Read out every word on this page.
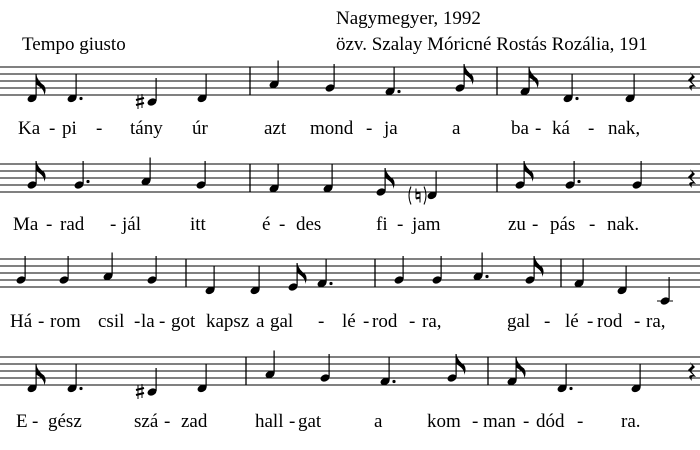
Tempo giusto
Nagymegyer, 1992
özv. Szalay Móricné Rostás Rozália, 191
Ka - pi - tány úr	azt mond - ja	a	ba - ká - nak,
Ma - rad - jál	itt	é - des	fi - jam	zu - pás - nak.
Há - rom csil - la - got kapsz a gal - lé - rod - ra,	gal - lé - rod - ra,
E - gész	szá - zad	hall - gat	a kom - man - dód - ra.
